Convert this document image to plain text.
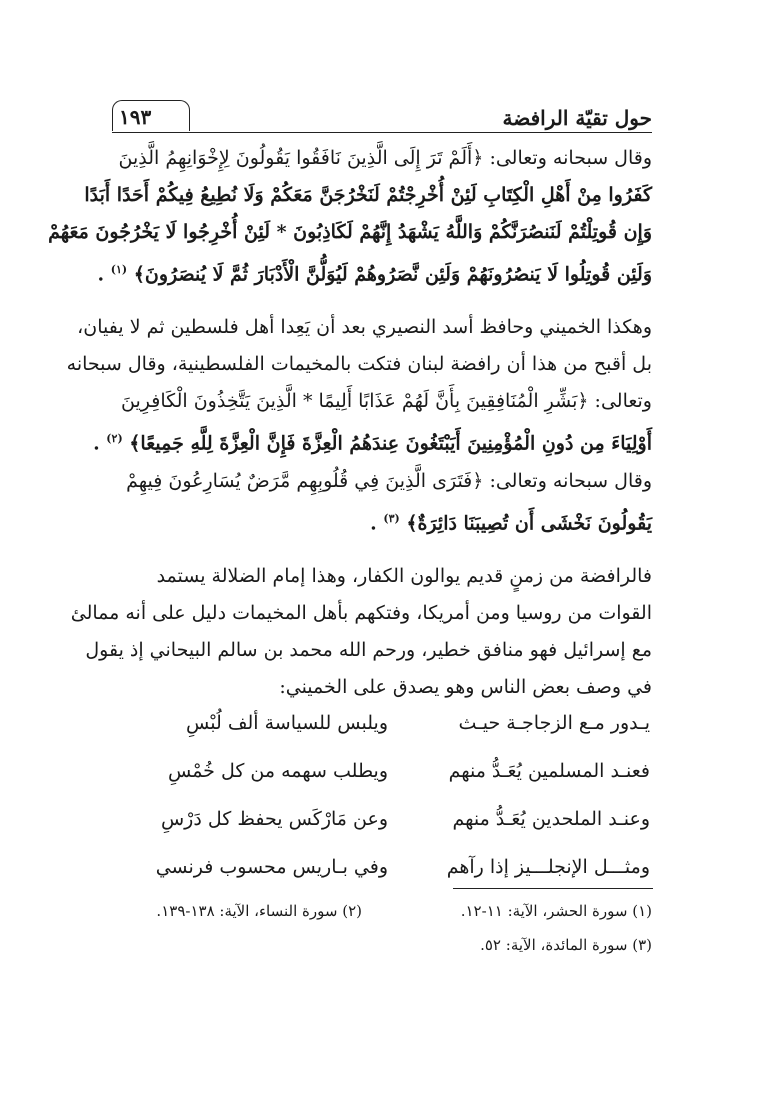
حول تقيّة الرافضة
١٩٣
وقال سبحانه وتعالى: ﴿أَلَمْ تَرَ إِلَى الَّذِينَ نَافَقُوا يَقُولُونَ لِإِخْوَانِهِمُ الَّذِينَ
كَفَرُوا مِنْ أَهْلِ الْكِتَابِ لَئِنْ أُخْرِجْتُمْ لَنَخْرُجَنَّ مَعَكُمْ وَلَا نُطِيعُ فِيكُمْ أَحَدًا أَبَدًا
وَإِن قُوتِلْتُمْ لَنَنصُرَنَّكُمْ وَاللَّهُ يَشْهَدُ إِنَّهُمْ لَكَاذِبُونَ * لَئِنْ أُخْرِجُوا لَا يَخْرُجُونَ مَعَهُمْ
وَلَئِن قُوتِلُوا لَا يَنصُرُونَهُمْ وَلَئِن نَّصَرُوهُمْ لَيُوَلُّنَّ الْأَدْبَارَ ثُمَّ لَا يُنصَرُونَ﴾ $^{(١)}$ .
وهكذا الخميني وحافظ أسد النصيري بعد أن يَعِدا أهل فلسطين ثم لا يفيان،
بل أقبح من هذا أن رافضة لبنان فتكت بالمخيمات الفلسطينية، وقال سبحانه
وتعالى: ﴿بَشِّرِ الْمُنَافِقِينَ بِأَنَّ لَهُمْ عَذَابًا أَلِيمًا * الَّذِينَ يَتَّخِذُونَ الْكَافِرِينَ
أَوْلِيَاءَ مِن دُونِ الْمُؤْمِنِينَ أَيَبْتَغُونَ عِندَهُمُ الْعِزَّةَ فَإِنَّ الْعِزَّةَ لِلَّهِ جَمِيعًا﴾ $^{(٢)}$ .
وقال سبحانه وتعالى: ﴿فَتَرَى الَّذِينَ فِي قُلُوبِهِم مَّرَضٌ يُسَارِعُونَ فِيهِمْ
يَقُولُونَ نَخْشَى أَن تُصِيبَنَا دَائِرَةٌ﴾ $^{(٣)}$ .
فالرافضة من زمنٍ قديم يوالون الكفار، وهذا إمام الضلالة يستمد
القوات من روسيا ومن أمريكا، وفتكهم بأهل المخيمات دليل على أنه ممالئ
مع إسرائيل فهو منافق خطير، ورحم الله محمد بن سالم البيحاني إذ يقول
في وصف بعض الناس وهو يصدق على الخميني:
يـدور مـع الزجاجـة حيـث
ويلبس للسياسة ألف لُبْسِ
فعنـد المسلمين يُعَـدُّ منهم
ويطلب سهمه من كل خُمْسِ
وعنـد الملحدين يُعَـدُّ منهم
وعن مَارْكَس يحفظ كل دَرْسِ
ومثـــل الإنجلـــيز إذا رآهم
وفي بـاريس محسوب فرنسي
(١) سورة الحشر، الآية: ١١-١٢.
(٢) سورة النساء، الآية: ١٣٨-١٣٩.
(٣) سورة المائدة، الآية: ٥٢.
